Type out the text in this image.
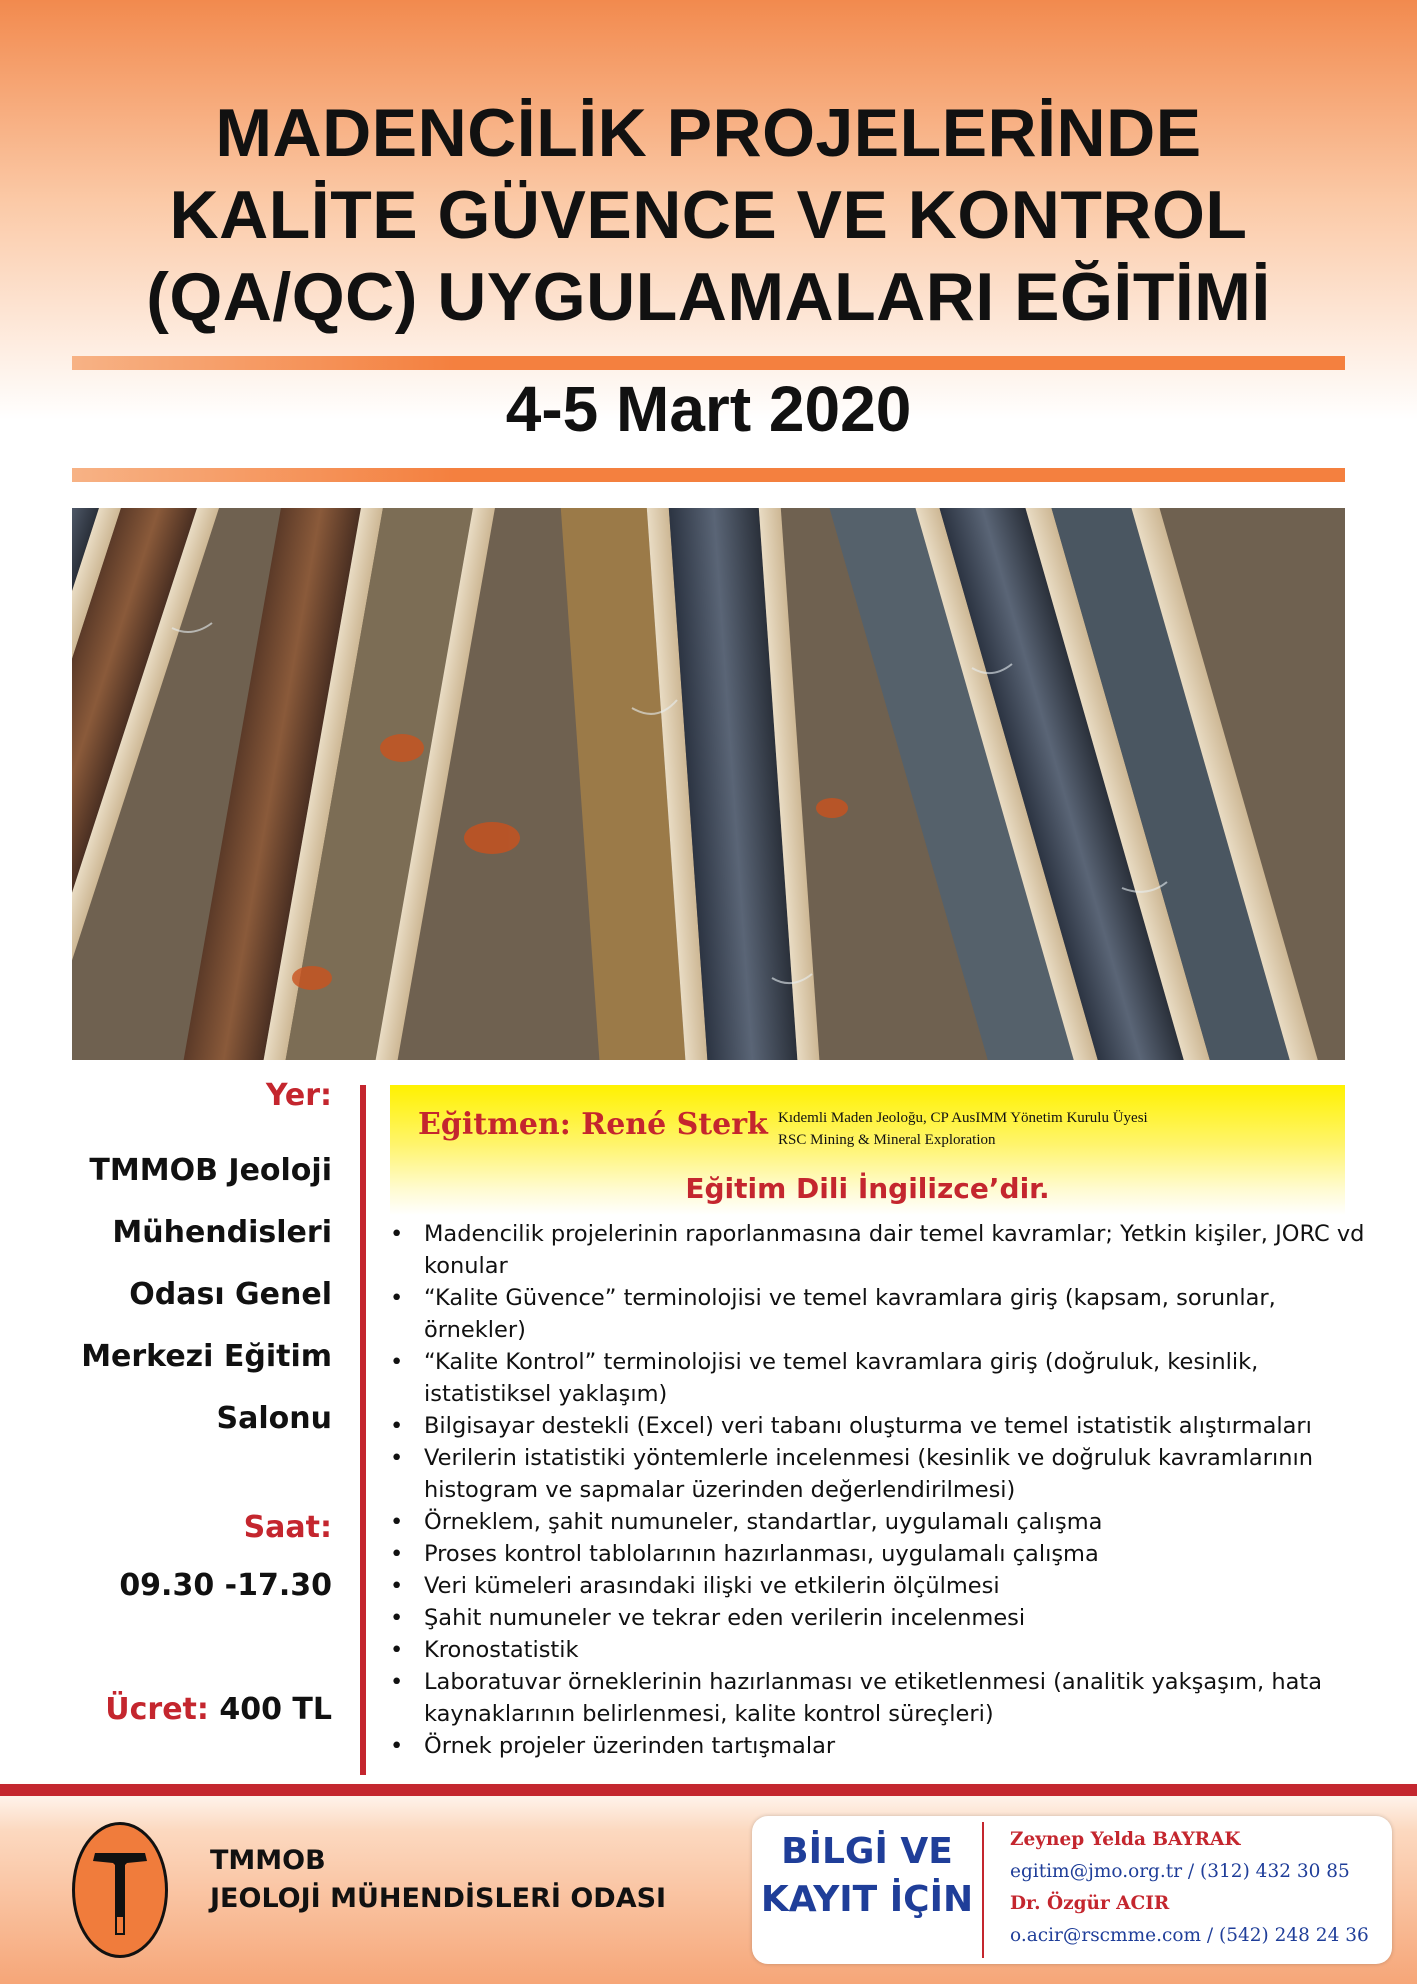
MADENCİLİK PROJELERİNDE
KALİTE GÜVENCE VE KONTROL
(QA/QC) UYGULAMALARI EĞİTİMİ
4-5 Mart 2020
Yer:
TMMOB Jeoloji
Mühendisleri
Odası Genel
Merkezi Eğitim
Salonu
Saat:
09.30 -17.30
Ücret: 400 TL
Eğitmen: René Sterk Kıdemli Maden Jeoloğu, CP AusIMM Yönetim Kurulu Üyesi
RSC Mining & Mineral Exploration
Eğitim Dili İngilizce’dir.
• Madencilik projelerinin raporlanmasına dair temel kavramlar; Yetkin kişiler, JORC vd konular
• “Kalite Güvence” terminolojisi ve temel kavramlara giriş (kapsam, sorunlar, örnekler)
• “Kalite Kontrol” terminolojisi ve temel kavramlara giriş (doğruluk, kesinlik, istatistiksel yaklaşım)
• Bilgisayar destekli (Excel) veri tabanı oluşturma ve temel istatistik alıştırmaları
• Verilerin istatistiki yöntemlerle incelenmesi (kesinlik ve doğruluk kavramlarının histogram ve sapmalar üzerinden değerlendirilmesi)
• Örneklem, şahit numuneler, standartlar, uygulamalı çalışma
• Proses kontrol tablolarının hazırlanması, uygulamalı çalışma
• Veri kümeleri arasındaki ilişki ve etkilerin ölçülmesi
• Şahit numuneler ve tekrar eden verilerin incelenmesi
• Kronostatistik
• Laboratuvar örneklerinin hazırlanması ve etiketlenmesi (analitik yakşaşım, hata kaynaklarının belirlenmesi, kalite kontrol süreçleri)
• Örnek projeler üzerinden tartışmalar
TMMOB
JEOLOJİ MÜHENDİSLERİ ODASI
BİLGİ VE
KAYIT İÇİN
Zeynep Yelda BAYRAK
egitim@jmo.org.tr / (312) 432 30 85
Dr. Özgür ACIR
o.acir@rscmme.com / (542) 248 24 36
